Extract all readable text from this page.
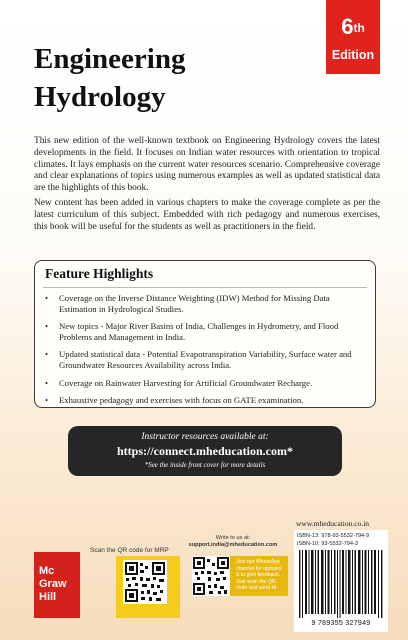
6th
Edition
Engineering
Hydrology

This new edition of the well-known textbook on Engineering Hydrology covers the latest developments in the field. It focuses on Indian water resources with orientation to tropical climates. It lays emphasis on the current water resources scenario. Comprehensive coverage and clear explanations of topics using numerous examples as well as updated statistical data are the highlights of this book.

New content has been added in various chapters to make the coverage complete as per the latest curriculum of this subject. Embedded with rich pedagogy and numerous exercises, this book will be useful for the students as well as practitioners in the field.

Feature Highlights
• Coverage on the Inverse Distance Weighting (IDW) Method for Missing Data Estimation in Hydrological Studies.
• New topics - Major River Basins of India, Challenges in Hydrometry, and Flood Problems and Management in India.
• Updated statistical data - Potential Evapotranspiration Variability, Surface water and Groundwater Resources Availability across India.
• Coverage on Rainwater Harvesting for Artificial Groundwater Recharge.
• Exhaustive pedagogy and exercises with focus on GATE examination.
Instructor resources available at:
https://connect.mheducation.com*
*See the inside front cover for more details
www.mheducation.co.in
ISBN-13: 978-93-5532-794-9
ISBN-10: 93-5532-794-3
9 789355 327949
Mc
Graw
Hill
Scan the QR code for MRP
Write to us at:
support.india@mheducation.com
Join our WhatsApp channel for updates & to give feedback. Just scan the QR code and send Hi
